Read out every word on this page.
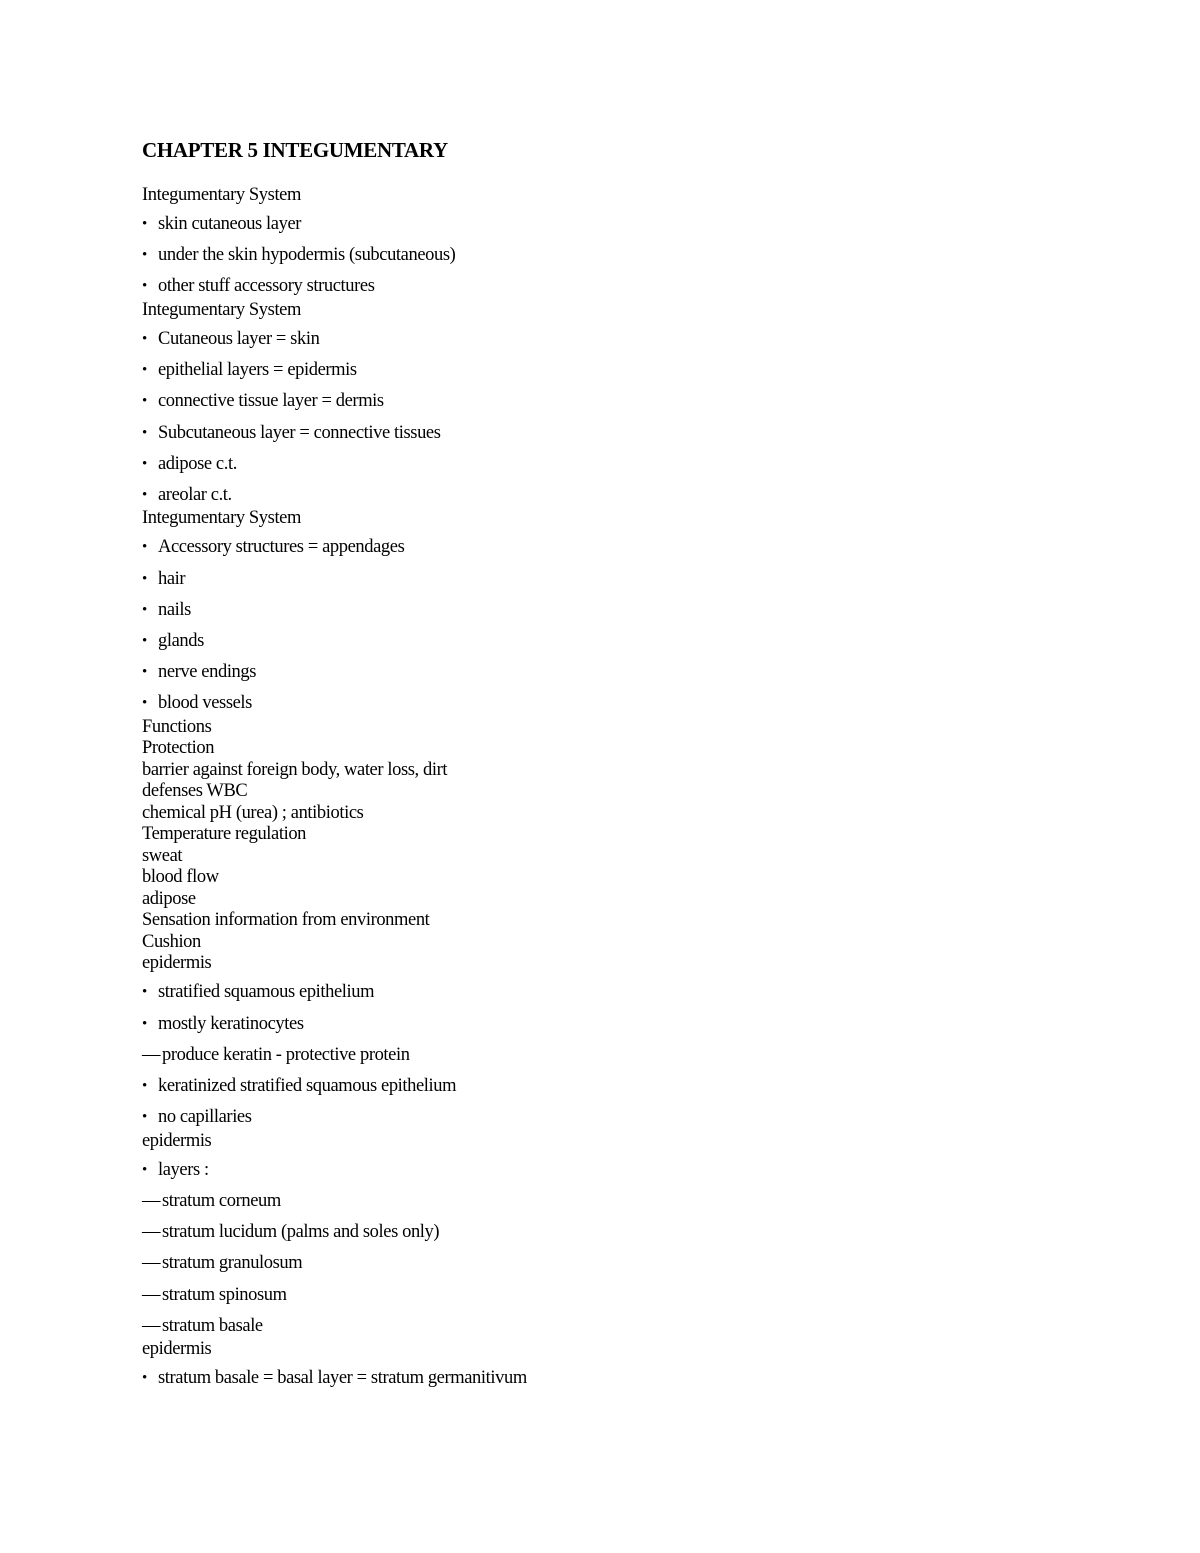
CHAPTER 5 INTEGUMENTARY
Integumentary System
• skin cutaneous layer
• under the skin hypodermis (subcutaneous)
• other stuff accessory structures
Integumentary System
• Cutaneous layer = skin
• epithelial layers = epidermis
• connective tissue layer = dermis
• Subcutaneous layer = connective tissues
• adipose c.t.
• areolar c.t.
Integumentary System
• Accessory structures = appendages
• hair
• nails
• glands
• nerve endings
• blood vessels
Functions
Protection
barrier against foreign body, water loss, dirt
defenses WBC
chemical pH (urea) ; antibiotics
Temperature regulation
sweat
blood flow
adipose
Sensation information from environment
Cushion
epidermis
• stratified squamous epithelium
• mostly keratinocytes
— produce keratin - protective protein
• keratinized stratified squamous epithelium
• no capillaries
epidermis
• layers :
— stratum corneum
— stratum lucidum (palms and soles only)
— stratum granulosum
— stratum spinosum
— stratum basale
epidermis
• stratum basale = basal layer = stratum germanitivum
